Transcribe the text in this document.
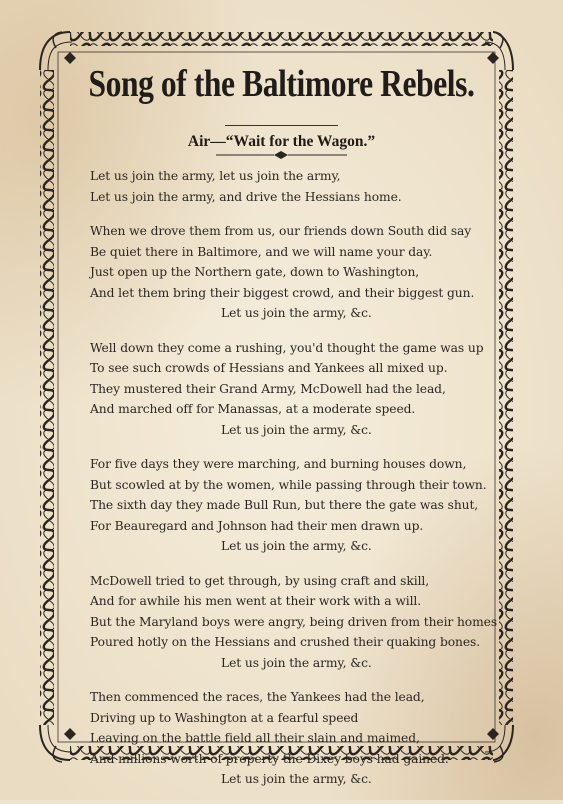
Song of the Baltimore Rebels.
Air—“Wait for the Wagon.”
Let us join the army, let us join the army,
Let us join the army, and drive the Hessians home.
When we drove them from us, our friends down South did say
Be quiet there in Baltimore, and we will name your day.
Just open up the Northern gate, down to Washington,
And let them bring their biggest crowd, and their biggest gun.
Let us join the army, &c.
Well down they come a rushing, you'd thought the game was up
To see such crowds of Hessians and Yankees all mixed up.
They mustered their Grand Army, McDowell had the lead,
And marched off for Manassas, at a moderate speed.
Let us join the army, &c.
For five days they were marching, and burning houses down,
But scowled at by the women, while passing through their town.
The sixth day they made Bull Run, but there the gate was shut,
For Beauregard and Johnson had their men drawn up.
Let us join the army, &c.
McDowell tried to get through, by using craft and skill,
And for awhile his men went at their work with a will.
But the Maryland boys were angry, being driven from their homes
Poured hotly on the Hessians and crushed their quaking bones.
Let us join the army, &c.
Then commenced the races, the Yankees had the lead,
Driving up to Washington at a fearful speed
Leaving on the battle field all their slain and maimed,
And millions worth of property the Dixey boys had gained.
Let us join the army, &c.
